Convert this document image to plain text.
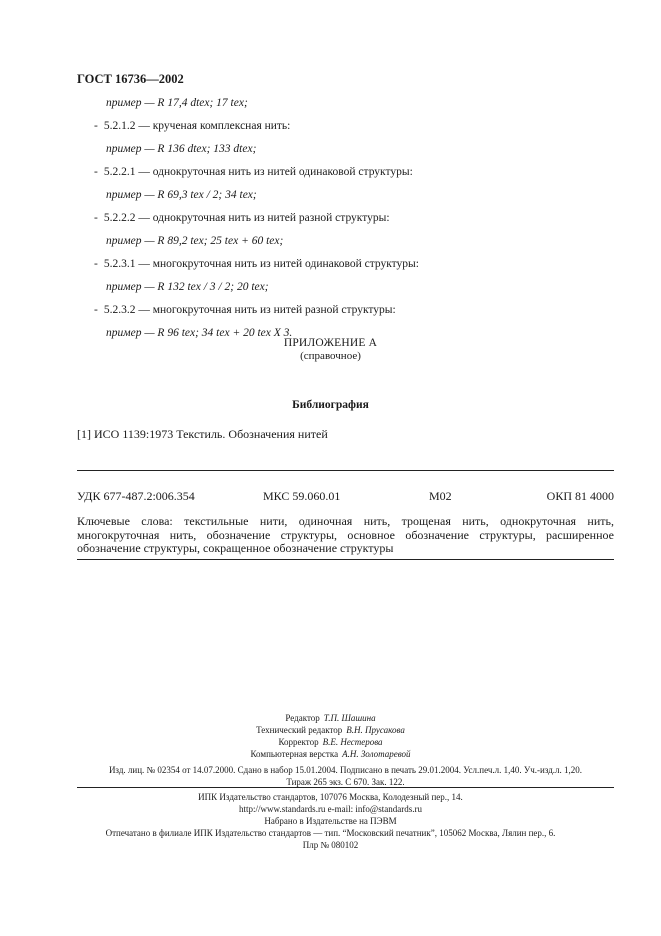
ГОСТ 16736—2002
пример — R 17,4 dtex; 17 tex;
- 5.2.1.2 — крученая комплексная нить:
пример — R 136 dtex; 133 dtex;
- 5.2.2.1 — однокруточная нить из нитей одинаковой структуры:
пример — R 69,3 tex / 2; 34 tex;
- 5.2.2.2 — однокруточная нить из нитей разной структуры:
пример — R 89,2 tex; 25 tex + 60 tex;
- 5.2.3.1 — многокруточная нить из нитей одинаковой структуры:
пример — R 132 tex / 3 / 2; 20 tex;
- 5.2.3.2 — многокруточная нить из нитей разной структуры:
пример — R 96 tex; 34 tex + 20 tex X 3.
ПРИЛОЖЕНИЕ А
(справочное)
Библиография
[1] ИСО 1139:1973 Текстиль. Обозначения нитей
УДК 677-487.2:006.354	МКС 59.060.01	М02	ОКП 81 4000
Ключевые слова: текстильные нити, одиночная нить, трощеная нить, однокруточная нить, многокруточная нить, обозначение структуры, основное обозначение структуры, расширенное обозначение структуры, сокращенное обозначение структуры
Редактор Т.П. Шашина
Технический редактор В.Н. Прусакова
Корректор В.Е. Нестерова
Компьютерная верстка А.Н. Золотаревой
Изд. лиц. № 02354 от 14.07.2000. Сдано в набор 15.01.2004. Подписано в печать 29.01.2004. Усл.печ.л. 1,40. Уч.-изд.л. 1,20.
Тираж 265 экз. С 670. Зак. 122.
ИПК Издательство стандартов, 107076 Москва, Колодезный пер., 14.
http://www.standards.ru e-mail: info@standards.ru
Набрано в Издательстве на ПЭВМ
Отпечатано в филиале ИПК Издательство стандартов — тип. “Московский печатник”, 105062 Москва, Лялин пер., 6.
Плр № 080102
